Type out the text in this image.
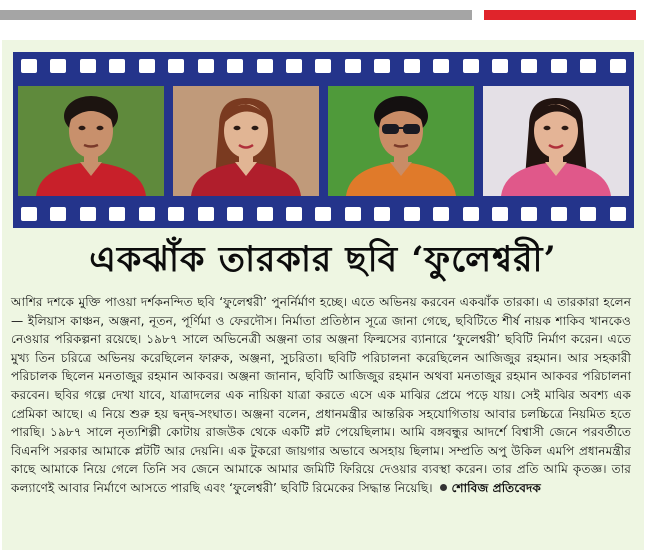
একঝাঁক তারকার ছবি ‘ফুলেশ্বরী’
আশির দশকে মুক্তি পাওয়া দর্শকনন্দিত ছবি ‘ফুলেশ্বরী’ পুনর্নির্মাণ হচ্ছে। এতে অভিনয় করবেন একঝাঁক তারকা। এ তারকারা হলেন— ইলিয়াস কাঞ্চন, অঞ্জনা, নূতন, পূর্ণিমা ও ফেরদৌস। নির্মাতা প্রতিষ্ঠান সূত্রে জানা গেছে, ছবিটিতে শীর্ষ নায়ক শাকিব খানকেও নেওয়ার পরিকল্পনা রয়েছে। ১৯৮৭ সালে অভিনেত্রী অঞ্জনা তার অঞ্জনা ফিল্মসের ব্যানারে ‘ফুলেশ্বরী’ ছবিটি নির্মাণ করেন। এতে মুখ্য তিন চরিত্রে অভিনয় করেছিলেন ফারুক, অঞ্জনা, সুচরিতা। ছবিটি পরিচালনা করেছিলেন আজিজুর রহমান। আর সহকারী পরিচালক ছিলেন মনতাজুর রহমান আকবর। অঞ্জনা জানান, ছবিটি আজিজুর রহমান অথবা মনতাজুর রহমান আকবর পরিচালনা করবেন। ছবির গল্পে দেখা যাবে, যাত্রাদলের এক নায়িকা যাত্রা করতে এসে এক মাঝির প্রেমে পড়ে যায়। সেই মাঝির অবশ্য এক প্রেমিকা আছে। এ নিয়ে শুরু হয় দ্বন্দ্ব-সংঘাত। অঞ্জনা বলেন, প্রধানমন্ত্রীর আন্তরিক সহযোগিতায় আবার চলচ্চিত্রে নিয়মিত হতে পারছি। ১৯৮৭ সালে নৃত্যশিল্পী কোটায় রাজউক থেকে একটি প্লট পেয়েছিলাম। আমি বঙ্গবন্ধুর আদর্শে বিশ্বাসী জেনে পরবর্তীতে বিএনপি সরকার আমাকে প্লটটি আর দেয়নি। এক টুকরো জায়গার অভাবে অসহায় ছিলাম। সম্প্রতি অপু উকিল এমপি প্রধানমন্ত্রীর কাছে আমাকে নিয়ে গেলে তিনি সব জেনে আমাকে আমার জমিটি ফিরিয়ে দেওয়ার ব্যবস্থা করেন। তার প্রতি আমি কৃতজ্ঞ। তার কল্যাণেই আবার নির্মাণে আসতে পারছি এবং ‘ফুলেশ্বরী’ ছবিটি রিমেকের সিদ্ধান্ত নিয়েছি। শোবিজ প্রতিবেদক
